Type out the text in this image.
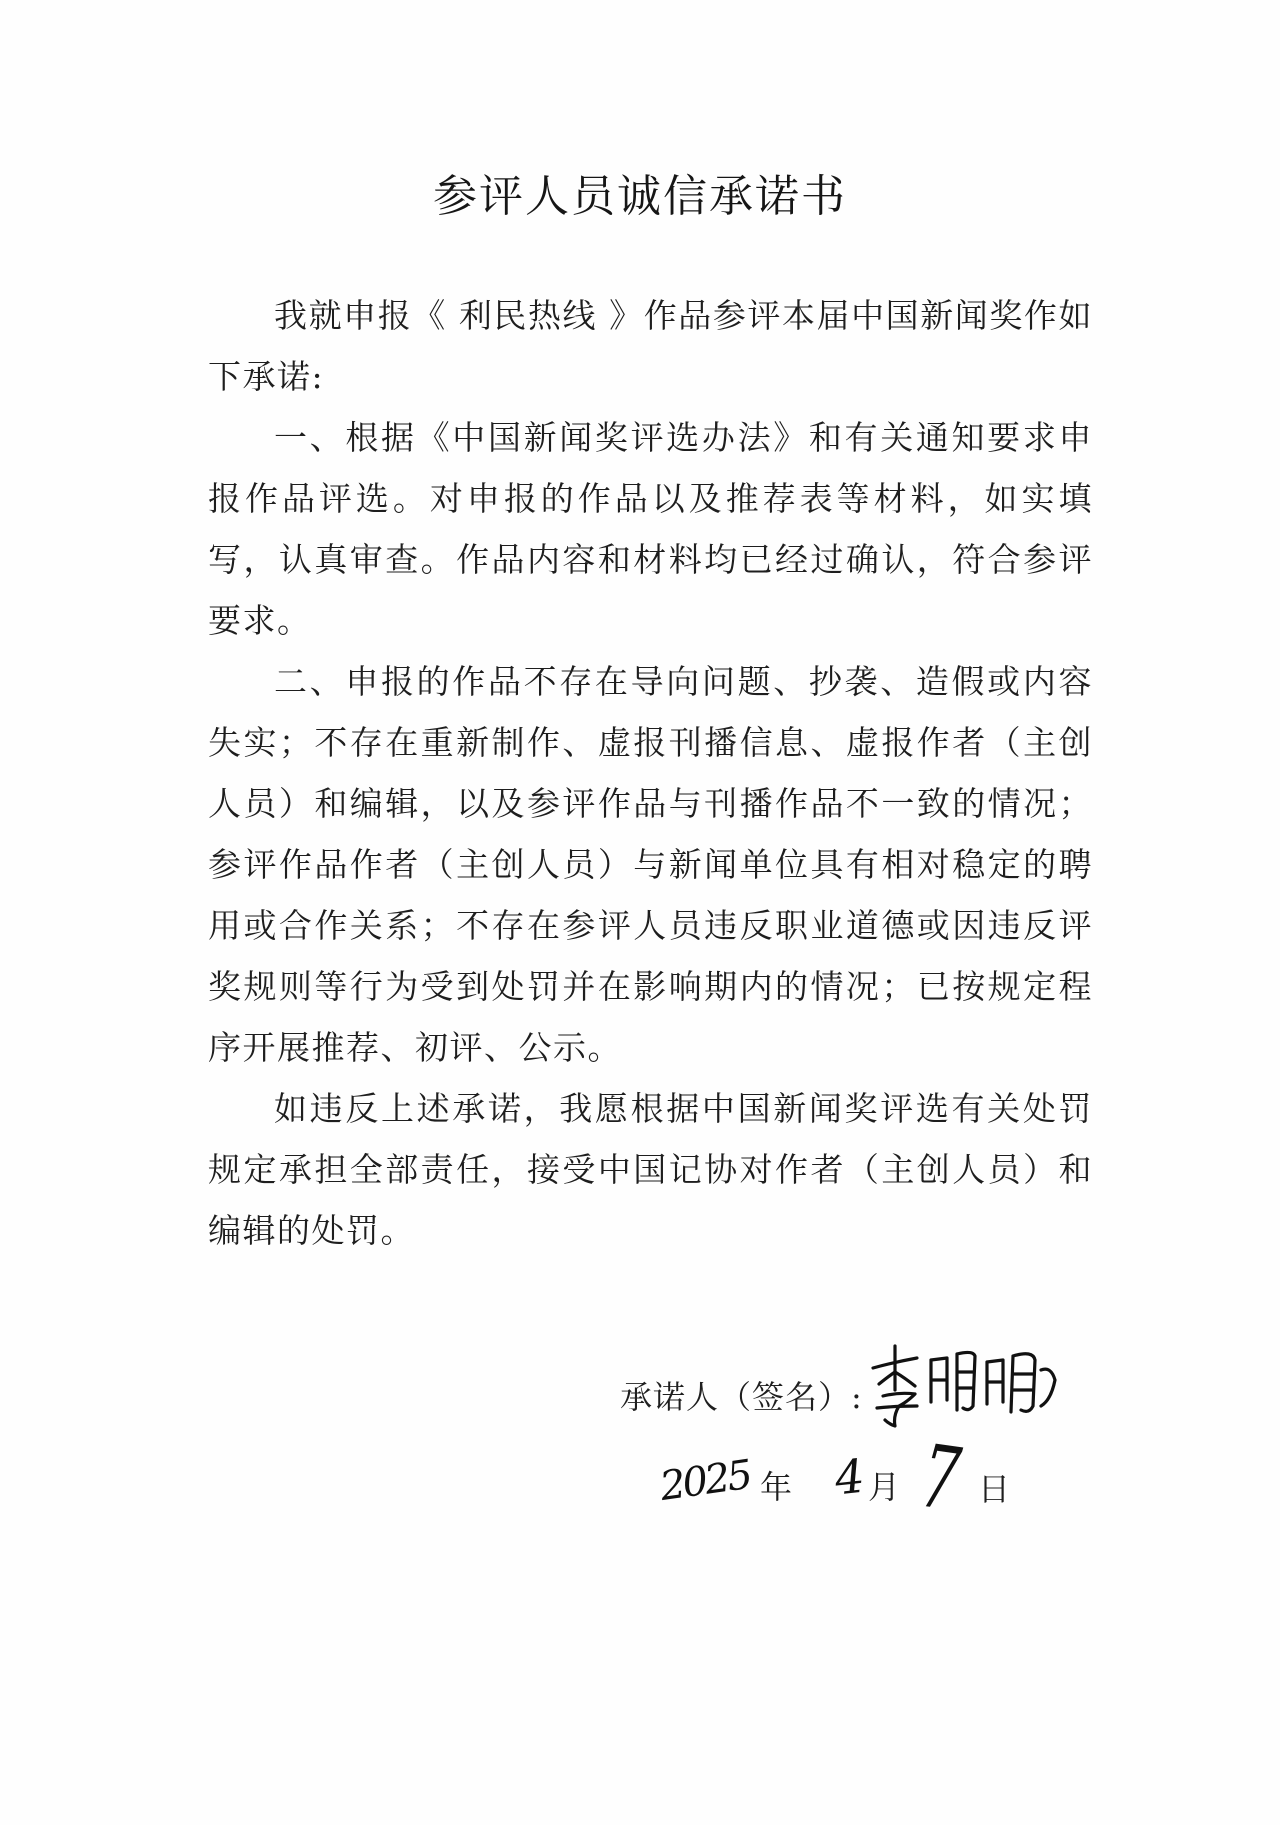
参评人员诚信承诺书

我就申报《 利民热线 》作品参评本届中国新闻奖作如下承诺:

一、根据《中国新闻奖评选办法》和有关通知要求申报作品评选。对申报的作品以及推荐表等材料，如实填写，认真审查。作品内容和材料均已经过确认，符合参评要求。

二、申报的作品不存在导向问题、抄袭、造假或内容失实；不存在重新制作、虚报刊播信息、虚报作者（主创人员）和编辑，以及参评作品与刊播作品不一致的情况；参评作品作者（主创人员）与新闻单位具有相对稳定的聘用或合作关系；不存在参评人员违反职业道德或因违反评奖规则等行为受到处罚并在影响期内的情况；已按规定程序开展推荐、初评、公示。

如违反上述承诺，我愿根据中国新闻奖评选有关处罚规定承担全部责任，接受中国记协对作者（主创人员）和编辑的处罚。

承诺人（签名）:
2025 年 4 月 7 日
